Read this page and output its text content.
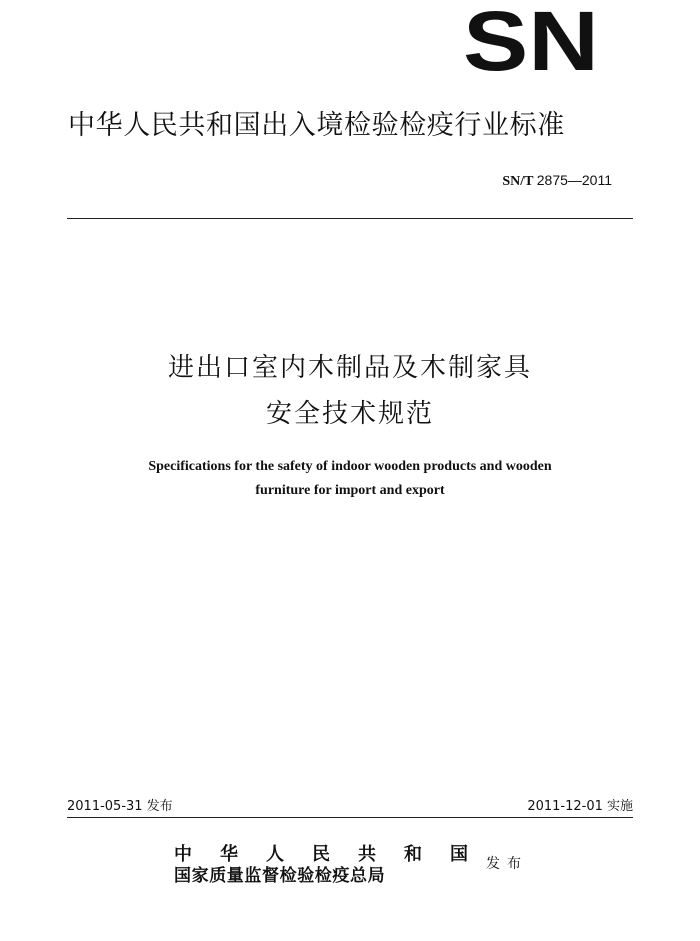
SN
中华人民共和国出入境检验检疫行业标准
SN/T 2875—2011
进出口室内木制品及木制家具
安全技术规范
Specifications for the safety of indoor wooden products and wooden
furniture for import and export
2011-05-31 发布	2011-12-01 实施
中 华 人 民 共 和 国
国家质量监督检验检疫总局
发布
